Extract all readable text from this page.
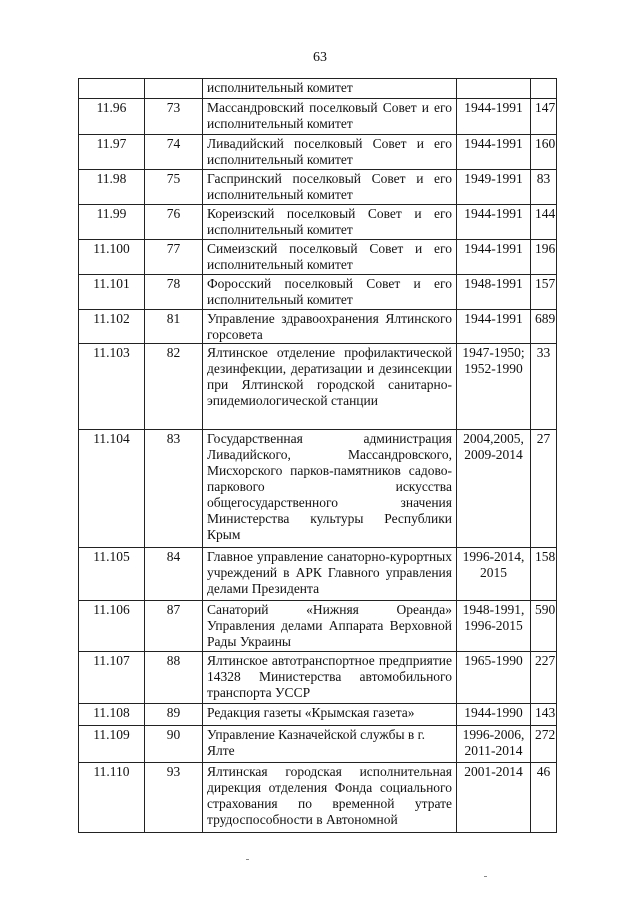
63
		исполнительный комитет		
11.96	73	Массандровский поселковый Совет и его исполнительный комитет	1944-1991	147
11.97	74	Ливадийский поселковый Совет и его исполнительный комитет	1944-1991	160
11.98	75	Гаспринский поселковый Совет и его исполнительный комитет	1949-1991	83
11.99	76	Кореизский поселковый Совет и его исполнительный комитет	1944-1991	144
11.100	77	Симеизский поселковый Совет и его исполнительный комитет	1944-1991	196
11.101	78	Форосский поселковый Совет и его исполнительный комитет	1948-1991	157
11.102	81	Управление здравоохранения Ялтинского горсовета	1944-1991	689
11.103	82	Ялтинское отделение профилактической дезинфекции, дератизации и дезинсекции при Ялтинской городской санитарно-эпидемиологической станции	1947-1950; 1952-1990	33
11.104	83	Государственная администрация Ливадийского, Массандровского, Мисхорского парков-памятников садово-паркового искусства общегосударственного значения Министерства культуры Республики Крым	2004,2005, 2009-2014	27
11.105	84	Главное управление санаторно-курортных учреждений в АРК Главного управления делами Президента	1996-2014, 2015	158
11.106	87	Санаторий «Нижняя Ореанда» Управления делами Аппарата Верховной Рады Украины	1948-1991, 1996-2015	590
11.107	88	Ялтинское автотранспортное предприятие 14328 Министерства автомобильного транспорта УССР	1965-1990	227
11.108	89	Редакция газеты «Крымская газета»	1944-1990	143
11.109	90	Управление Казначейской службы в г. Ялте	1996-2006, 2011-2014	272
11.110	93	Ялтинская городская исполнительная дирекция отделения Фонда социального страхования по временной утрате трудоспособности в Автономной	2001-2014	46
